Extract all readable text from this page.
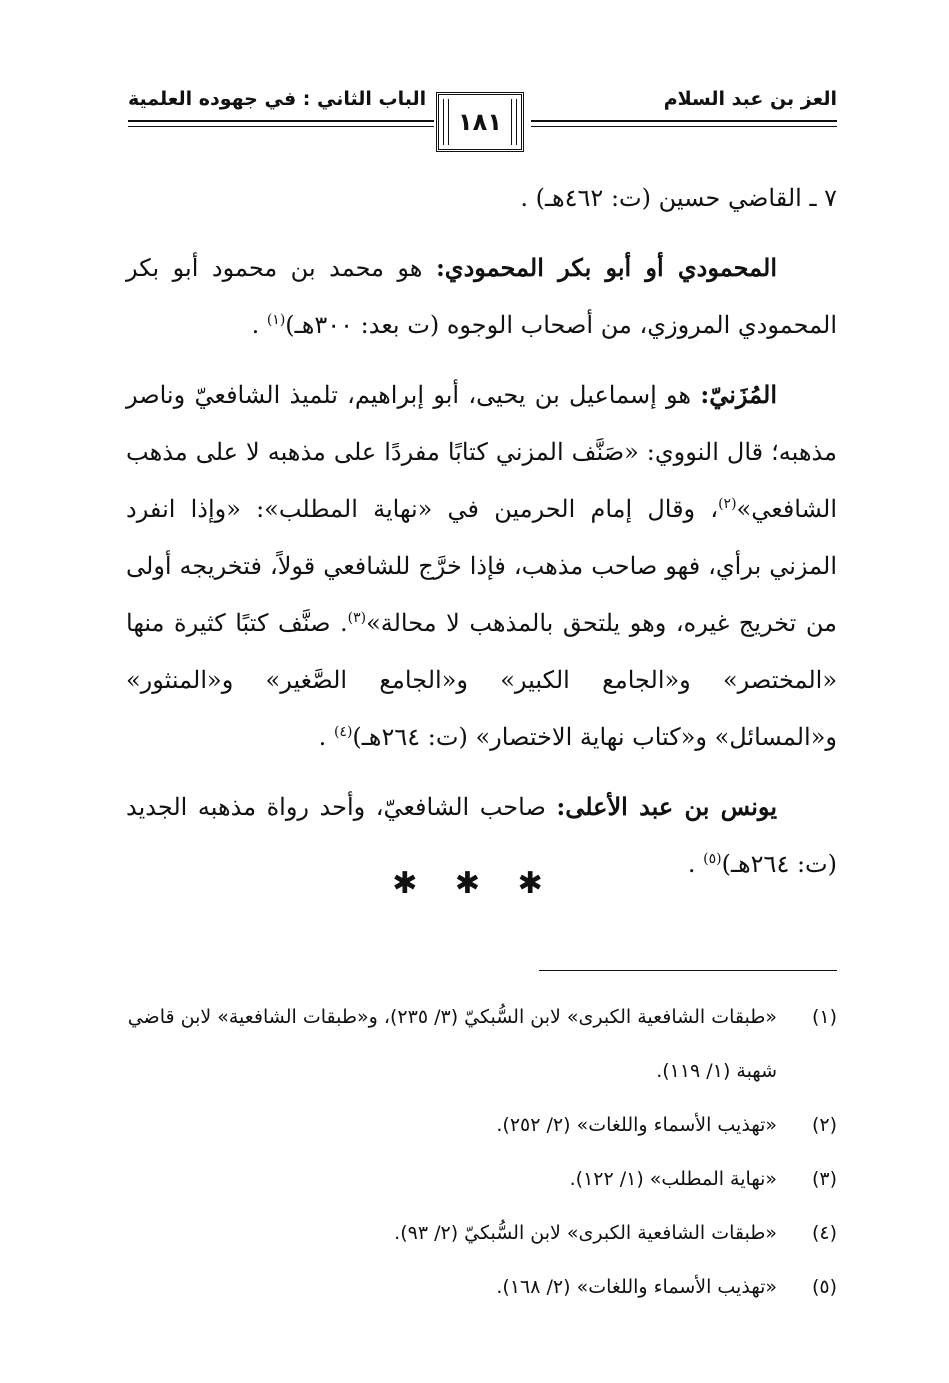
العز بن عبد السلام
الباب الثاني : في جهوده العلمية
١٨١

٧ ـ القاضي حسين (ت: ٤٦٢هـ) .

المحمودي أو أبو بكر المحمودي: هو محمد بن محمود أبو بكر المحمودي المروزي، من أصحاب الوجوه (ت بعد: ٣٠٠هـ)$^{(١)}$ .

المُزَنيّ: هو إسماعيل بن يحيى، أبو إبراهيم، تلميذ الشافعيّ وناصر مذهبه؛ قال النووي: «صَنَّف المزني كتابًا مفردًا على مذهبه لا على مذهب الشافعي»$^{(٢)}$، وقال إمام الحرمين في «نهاية المطلب»: «وإذا انفرد المزني برأي، فهو صاحب مذهب، فإذا خرَّج للشافعي قولاً، فتخريجه أولى من تخريج غيره، وهو يلتحق بالمذهب لا محالة»$^{(٣)}$. صنَّف كتبًا كثيرة منها «المختصر» و«الجامع الكبير» و«الجامع الصَّغير» و«المنثور» و«المسائل» و«كتاب نهاية الاختصار» (ت: ٢٦٤هـ)$^{(٤)}$ .

يونس بن عبد الأعلى: صاحب الشافعيّ، وأحد رواة مذهبه الجديد (ت: ٢٦٤هـ)$^{(٥)}$ .

✱ ✱ ✱
(١)
«طبقات الشافعية الكبرى» لابن السُّبكيّ (٣/ ٢٣٥)، و«طبقات الشافعية» لابن قاضي شهبة (١/ ١١٩).
(٢)
«تهذيب الأسماء واللغات» (٢/ ٢٥٢).
(٣)
«نهاية المطلب» (١/ ١٢٢).
(٤)
«طبقات الشافعية الكبرى» لابن السُّبكيّ (٢/ ٩٣).
(٥)
«تهذيب الأسماء واللغات» (٢/ ١٦٨).
